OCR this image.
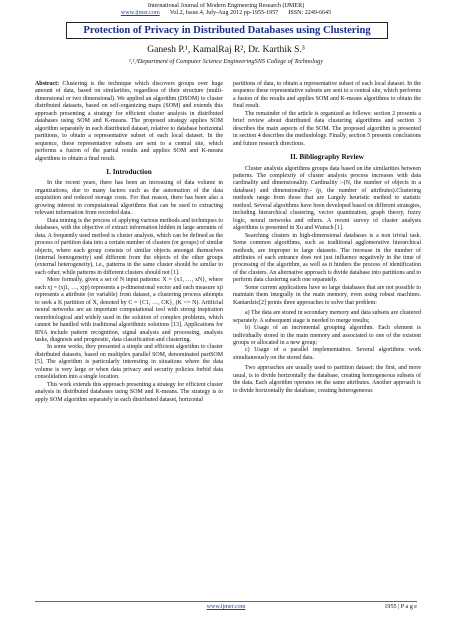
International Journal of Modern Engineering Research (IJMER)
www.ijmer.com Vol.2, Issue.4, July-Aug 2012 pp-1955-1957 ISSN: 2249-6645
Protection of Privacy in Distributed Databases using Clustering
Ganesh P.¹, KamalRaj R², Dr. Karthik S.³
¹,²,³Department of Computer Science EngineeringSNS College of Technology

Abstract: Clustering is the technique which discovers groups over huge amount of data, based on similarities, regardless of their structure (multi-dimensional or two dimensional). We applied an algorithm (DSOM) to cluster distributed datasets, based on self-organizing maps (SOM) and extends this approach presenting a strategy for efficient cluster analysis in distributed databases using SOM and K-means. The proposed strategy applies SOM algorithm separately in each distributed dataset, relative to database horizontal partitions, to obtain a representative subset of each local dataset. In the sequence, these representative subsets are sent to a central site, which performs a fusion of the partial results and applies SOM and K-means algorithms to obtain a final result.

I. Introduction

In the recent years, there has been an increasing of data volume in organizations, due to many factors such as the automation of the data acquisition and reduced storage costs. For that reason, there has been also a growing interest in computational algorithms that can be used to extracting relevant information from recorded data.

Data mining is the process of applying various methods and techniques to databases, with the objective of extract information hidden in large amounts of data. A frequently used method is cluster analysis, which can be defined as the process of partition data into a certain number of clusters (or groups) of similar objects, where each group consists of similar objects amongst themselves (internal homogeneity) and different from the objects of the other groups (external heterogeneity), i.e., patterns in the same cluster should be similar to each other, while patterns in different clusters should not [1].

More formally, given a set of N input patterns: X = {x1, …, xN}, where each xj = (xj1, …, xjp) represents a p-dimensional vector and each measure xji represents a attribute (or variable) from dataset, a clustering process attempts to seek a K partition of X, denoted by C = {C1, …, CK}, (K <= N). Artificial neural networks are an important computational tool with strong inspiration neurobiological and widely used in the solution of complex problems, which cannot be handled with traditional algorithmic solutions [13]. Applications for RNA include pattern recognition, signal analysis and processing, analysis tasks, diagnosis and prognostic, data classification and clustering.

In some works, they presented a simple and efficient algorithm to cluster distributed datasets, based on multiplex parallel SOM, denominated partSOM [5]. The algorithm is particularly interesting in situations where the data volume is very large or when data privacy and security policies forbid data consolidation into a single location.

This work extends this approach presenting a strategy for efficient cluster analysis in distributed databases using SOM and K-means. The strategy is to apply SOM algorithm separately in each distributed dataset, horizontal

partitions of data, to obtain a representative subset of each local dataset. In the sequence these representative subsets are sent to a central site, which performs a fusion of the results and applies SOM and K-means algorithms to obtain the final result.

The remainder of the article is organized as follows: section 2 presents a brief review about distributed data clustering algorithms and section 3 describes the main aspects of the SOM. The proposed algorithm is presented in section 4 describes the methodology. Finally, section 5 presents conclusions and future research directions.

II. Bibliography Review

Cluster analysis algorithms groups data based on the similarities between patterns. The complexity of cluster analysis process increases with data cardinality and dimensionality. Cardinality :-(N, the number of objects in a database) and dimensionality:- (p, the number of attributes).Clustering methods range from those that are Largely heuristic method to statistic method. Several algorithms have been developed based on different strategies, including hierarchical clustering, vector quantization, graph theory, fuzzy logic, neural networks and others. A recent survey of cluster analysis algorithms is presented in Xu and Wunsch [1].

Searching clusters in high-dimensional databases is a non trivial task. Some common algorithms, such as traditional agglomerative hierarchical methods, are improper to large datasets. The increase in the number of attributes of each entrance does not just influence negatively in the time of processing of the algorithm, as well as it hinders the process of identification of the clusters. An alternative approach is divide database into partitions and to perform data clustering each one separately.

Some current applications have so large databases that are not possible to maintain them integrally in the main memory, even using robust machines. Kantardzic[2] points three approaches to solve that problem:

a) The data are stored in secondary memory and data subsets are clustered separately. A subsequent stage is needed to merge results;

b) Usage of an incremental grouping algorithm. Each element is individually stored in the main memory and associated to one of the existent groups or allocated in a new group;

c) Usage of a parallel implementation. Several algorithms work simultaneously on the stored data.

Two approaches are usually used to partition dataset: the first, and more usual, is to divide horizontally the database, creating homogeneous subsets of the data. Each algorithm operates on the same attributes. Another approach is to divide horizontally the database, creating heterogeneous

www.ijmer.com	1955 | P a g e
